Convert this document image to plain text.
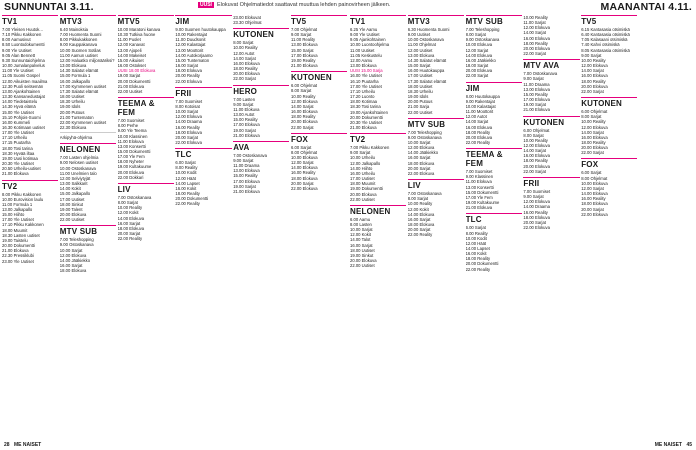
SUNNUNTAI 3.11.	UUSI Elokuvat Ohjelmatiedot saattavat muuttua lehden painovirheen jälkeen.	MAANANTAI 4.11.
TV1
7.00 Yleisen Huutok...
7.10 Pikku Kakkonen
8.00 Aamusivut
8.50 Luontodokumentti
9.00 Yle Uutiset
9.05 Alan Bennett
9.30 Sunnuntaiohjelma
10.00 Jumalanpalvelus
11.00 Yle Uutiset
11.05 Suomi Gospel
12.00 Aikuisten maailma
12.30 Puoli seitsemän
13.00 Ajankohtainen
13.30 Kansanedustajat
14.00 Tiedetaistelu
14.30 Hyvä elämä
15.00 Yle Uutiset
15.10 Pohjois-Suomi
16.00 Kummeli
16.30 Kotimaan uutiset
17.00 Yle Uutiset
17.10 Urheilu
17.15 Puutarha
18.00 Tosi tarina
18.30 Hyvää iltaa
19.00 Uusi kotimaa
20.30 Yle Uutiset
20.50 Urheilu-uutiset
21.00 Elokuva
TV2
8.00 Pikku Kakkonen
10.00 Eurovision laulu
11.00 Formula 1
13.00 Jalkapallo
15.00 Hiihto
17.00 Yle Uutiset
17.10 Pikku Kakkonen
18.00 Muumit
18.30 Lasten uutiset
19.00 Taistelu
20.00 Dokumentti
21.00 Elokuva
22.30 Pressiklubi
23.00 Yle Uutiset
MTV3
6.40 Mainoksia
7.00 Huomenta Suomi
8.00 Pikkukakkonen
9.00 Kauppakanava
10.00 Suomen Sotilas
11.00 Aamun uutiset
12.00 Haluatko miljonääriksi?
13.00 Elokuva
14.30 Salatut elämät
15.00 Formula 1
16.00 Jalkapallo
17.00 Kymmenen uutiset
17.30 Salatut elämät
18.00 Uutiset
18.30 Urheilu
19.00 Idols
20.00 Putous
21.00 Tuntematon
22.00 Kymmenen uutiset
22.30 Elokuva
Arkipyhä-ohjelma
NELONEN
7.00 Lasten ohjelmia
9.00 Nelosen uutiset
10.00 Ostoskanava
11.00 Unelmien talo
12.00 Selviytyjät
13.00 Salkkarit
14.00 Kokit
15.00 Jalkapallo
17.00 Uutiset
18.00 Sinkut
19.00 Talent
20.00 Elokuva
22.00 Uutiset
MTV SUB
7.00 Teleshopping
9.00 Ostoskanava
10.00 Sarjat
12.00 Elokuva
14.00 Jääkiekko
16.00 Sarjat
18.00 Elokuva
MTV5
10.00 Maratoni kanava
10.30 Tutkiva huone
11.00 Puolet
12.00 Kanavat
13.00 Ajopeli
14.00 Makeiset
15.00 Aikuiset
16.00 Ostokset
UUSI 18.00 Elokuva
19.00 Sarjat
20.00 Dokumentti
21.00 Elokuva
22.00 Uutiset
TEEMA & FEM
7.00 Suomiset
8.00 Perhe
9.00 Yle Teema
10.00 Klassinen
11.00 Elokuva
13.00 Konsertti
15.00 Dokumentti
17.00 Yle Fem
18.00 Nyheter
19.00 Kultakuume
20.00 Elokuva
22.00 Dokkari
LIV
7.00 Ostoskanava
8.00 Sarjat
10.00 Reality
12.00 Kokit
14.00 Elokuva
16.00 Sarjat
18.00 Elokuva
20.00 Sarjat
22.00 Reality
JIM
9.00 Suomen huutokauppa
10.00 Rakentajat
11.00 Duudsonit
12.00 Kalastajat
13.00 Moottorit
14.00 Autokorjaamo
15.00 Tuntematon
16.00 Sarjat
18.00 Elokuva
20.00 Reality
22.00 Elokuva
FRII
7.00 Suomiset
8.00 Kotoisat
10.00 Sarjat
12.00 Elokuva
14.00 Draama
16.00 Reality
18.00 Elokuva
20.00 Sarjat
22.00 Elokuva
TLC
6.00 Sarjat
8.00 Reality
10.00 Kodit
12.00 Häät
14.00 Lapset
16.00 Kokit
18.00 Reality
20.00 Dokumentti
22.00 Reality
23.00 Elokuvat
23.30 Ohjelmat
KUTONEN
8.00 Sarjat
10.00 Reality
12.00 Autot
14.00 Sarjat
16.00 Elokuva
18.00 Reality
20.00 Elokuva
22.00 Sarjat
HERO
7.00 Lasten
9.00 Sarjat
11.00 Elokuva
13.00 Autot
15.00 Reality
17.00 Elokuva
19.00 Sarjat
21.00 Elokuva
AVA
7.00 Ostoskanava
9.00 Sarjat
11.00 Draama
13.00 Elokuva
15.00 Reality
17.00 Elokuva
19.00 Sarjat
21.00 Elokuva
TV5
7.00 Ohjelmat
9.00 Sarjat
11.00 Reality
13.00 Elokuva
15.00 Sarjat
17.00 Elokuva
19.00 Reality
21.00 Elokuva
KUTONEN
6.00 Ohjelmat
8.00 Sarjat
10.00 Reality
12.00 Elokuva
14.00 Sarjat
16.00 Elokuva
18.00 Reality
20.00 Elokuva
22.00 Sarjat
FOX
6.00 Sarjat
8.00 Ohjelmat
10.00 Elokuva
12.00 Sarjat
14.00 Elokuva
16.00 Reality
18.00 Elokuva
20.00 Sarjat
22.00 Elokuva
TV1
6.25 Yle Aamu
9.00 Yle Uutiset
9.05 Ajankohtainen
10.00 Luontoohjelma
11.00 Uutiset
11.05 Keskustelu
12.00 Aamu
13.00 Elokuva
UUSI 15.00 Sarja
16.00 Yle Uutiset
16.10 Puutarha
17.00 Yle Uutiset
17.10 Urheilu
17.20 Luonto
18.00 Kotimaa
18.30 Tosi tarina
19.00 Ajankohtainen
20.00 Dokumentti
20.30 Yle Uutiset
21.00 Elokuva
TV2
7.00 Pikku Kakkonen
9.00 Sarjat
10.00 Urheilu
12.00 Jalkapallo
14.00 Hiihto
16.00 Urheilu
17.00 Uutiset
18.00 Muumit
19.00 Dokumentti
20.00 Elokuva
22.00 Uutiset
NELONEN
6.00 Aamu
8.00 Lasten
10.00 Sarjat
12.00 Kokit
14.00 Talot
16.00 Sarjat
18.00 Uutiset
19.00 Sinkut
20.00 Elokuva
22.00 Uutiset
MTV3
6.30 Huomenta Suomi
9.00 Uutiset
10.00 Ostoskanava
11.00 Ohjelmat
12.00 Uutiset
13.00 Elokuva
14.30 Salatut elämät
15.00 Sarjat
16.00 Huutokauppa
17.00 Uutiset
17.30 Salatut elämät
18.00 Uutiset
18.30 Urheilu
19.00 Idols
20.00 Putous
21.00 Sarja
22.00 Uutiset
MTV SUB
7.00 Teleshopping
9.00 Ostoskanava
10.00 Sarjat
12.00 Elokuva
14.00 Jääkiekko
16.00 Sarjat
18.00 Elokuva
20.00 Sarjat
22.00 Elokuva
LIV
7.00 Ostoskanava
8.00 Sarjat
10.00 Reality
12.00 Kokit
14.00 Elokuva
16.00 Sarjat
18.00 Elokuva
20.00 Sarjat
22.00 Reality
MTV SUB
7.00 Teleshopping
8.00 Sarjat
9.00 Ostoskanava
10.00 Elokuva
12.00 Sarjat
14.00 Elokuva
16.00 Jääkiekko
18.00 Sarjat
20.00 Elokuva
22.00 Sarjat
JIM
8.00 Huutokauppa
9.00 Rakentajat
10.00 Kalastajat
11.00 Moottorit
12.00 Autot
14.00 Sarjat
16.00 Elokuva
18.00 Reality
20.00 Elokuva
22.00 Reality
TEEMA & FEM
7.00 Suomiset
9.00 Klassinen
11.00 Elokuva
13.00 Konsertti
15.00 Dokumentti
17.00 Yle Fem
19.00 Kultakuume
21.00 Elokuva
TLC
6.00 Sarjat
8.00 Reality
10.00 Kodit
12.00 Häät
14.00 Lapset
16.00 Kokit
18.00 Reality
20.00 Dokumentti
22.00 Reality
10.00 Reality
11.00 Sarjat
12.00 Elokuva
14.00 Sarjat
16.00 Elokuva
18.00 Reality
20.00 Elokuva
22.00 Sarjat
MTV AVA
7.00 Ostoskanava
9.00 Sarjat
11.00 Draama
13.00 Elokuva
15.00 Reality
17.00 Elokuva
19.00 Sarjat
21.00 Elokuva
KUTONEN
6.00 Ohjelmat
8.00 Sarjat
10.00 Reality
12.00 Elokuva
14.00 Sarjat
16.00 Elokuva
18.00 Reality
20.00 Elokuva
22.00 Sarjat
FRII
7.00 Suomiset
9.00 Sarjat
12.00 Elokuva
14.00 Draama
16.00 Reality
18.00 Elokuva
20.00 Sarjat
22.00 Elokuva
TV5
6.15 Kantasasia otsimiskä
6.40 Kantasasia otsimiskä
7.05 Kalasaani otsimiskä
7.40 Kahvi otsimiskä
8.05 Kantasasia otsimiskä
9.00 Sarjat
10.00 Reality
12.00 Elokuva
14.00 Sarjat
16.00 Elokuva
18.00 Reality
20.00 Elokuva
22.00 Sarjat
KUTONEN
6.00 Ohjelmat
8.00 Sarjat
10.00 Reality
12.00 Elokuva
14.00 Sarjat
16.00 Elokuva
18.00 Reality
20.00 Elokuva
22.00 Sarjat
FOX
6.00 Sarjat
8.00 Ohjelmat
10.00 Elokuva
12.00 Sarjat
14.00 Elokuva
16.00 Reality
18.00 Elokuva
20.00 Sarjat
22.00 Elokuva
28 ME NAISET	ME NAISET 45
